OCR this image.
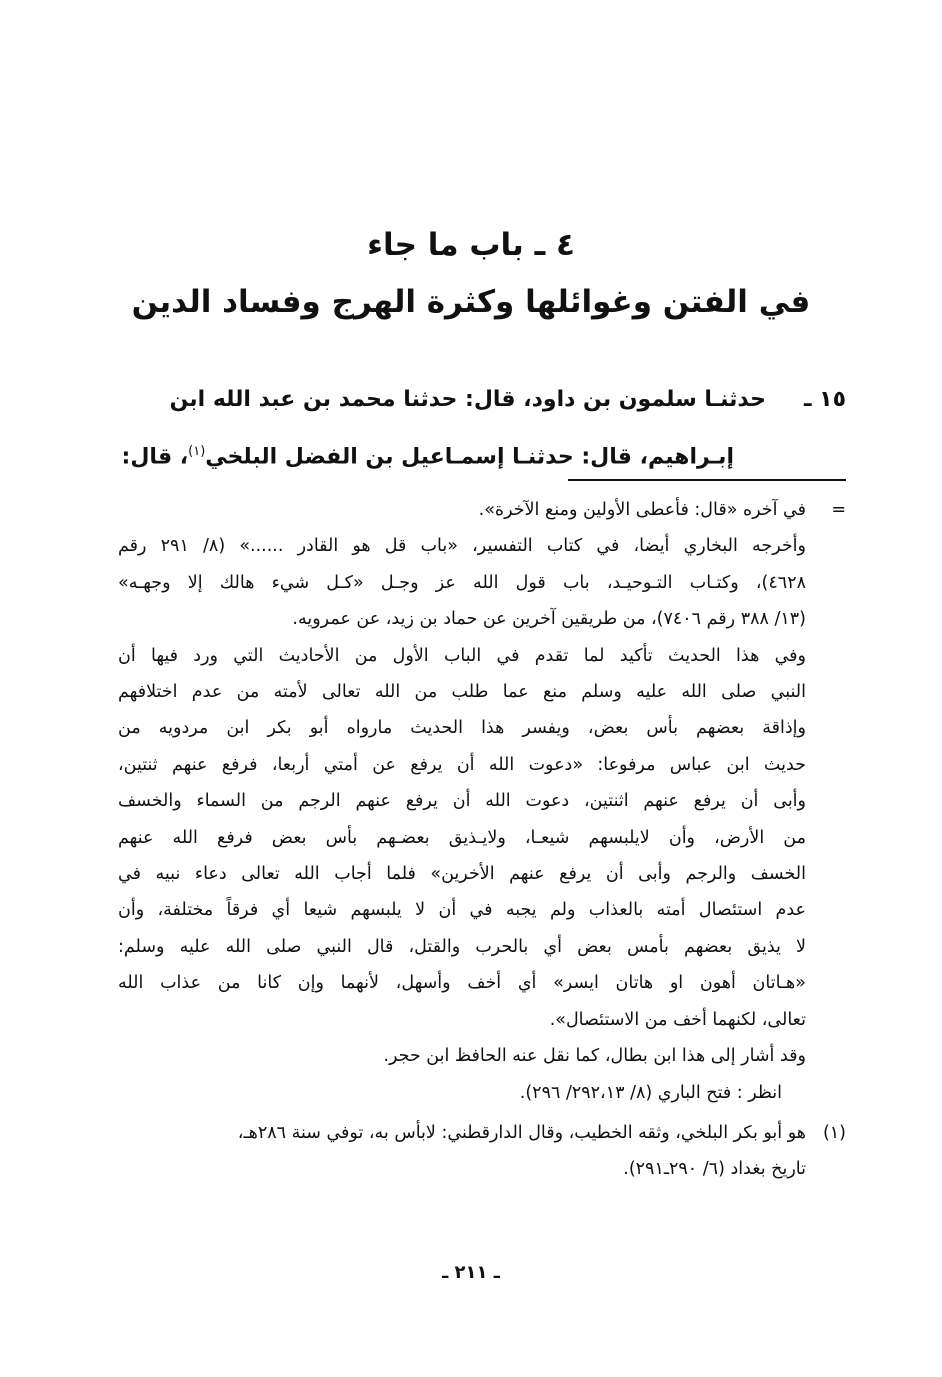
٤ ـ باب ما جاء
في الفتن وغوائلها وكثرة الهرج وفساد الدين
١٥ ـحدثنـا سلمون بن داود، قال: حدثنا محمد بن عبد الله ابن
إبـراهيم، قال: حدثنـا إسمـاعيل بن الفضل البلخي$^{(١)}$، قال:

=
في آخره «قال: فأعطى الأولين ومنع الآخرة».

وأخرجه البخاري أيضا، في كتاب التفسير، «باب قل هو القادر ......» (٨/ ٢٩١ رقم
٤٦٢٨)، وكتـاب التـوحيـد، باب قول الله عز وجـل «كـل شيء هالك إلا وجهـه»
(١٣/ ٣٨٨ رقم ٧٤٠٦)، من طريقين آخرين عن حماد بن زيد، عن عمرويه.
وفي هذا الحديث تأكيد لما تقدم في الباب الأول من الأحاديث التي ورد فيها أن
النبي صلى الله عليه وسلم منع عما طلب من الله تعالى لأمته من عدم اختلافهم
وإذاقة بعضهم بأس بعض، ويفسر هذا الحديث مارواه أبو بكر ابن مردويه من
حديث ابن عباس مرفوعا: «دعوت الله أن يرفع عن أمتي أربعا، فرفع عنهم ثنتين،
وأبى أن يرفع عنهم اثنتين، دعوت الله أن يرفع عنهم الرجم من السماء والخسف
من الأرض، وأن لايلبسهم شيعـا، ولايـذيق بعضـهم بأس بعض فرفع الله عنهم
الخسف والرجم وأبى أن يرفع عنهم الأخرين» فلما أجاب الله تعالى دعاء نبيه في
عدم استئصال أمته بالعذاب ولم يجبه في أن لا يلبسهم شيعا أي فرقاً مختلفة، وأن
لا يذيق بعضهم بأمس بعض أي بالحرب والقتل، قال النبي صلى الله عليه وسلم:
«هـاتان أهون او هاتان ايسر» أي أخف وأسهل، لأنهما وإن كانا من عذاب الله
تعالى، لكنهما أخف من الاستئصال».
وقد أشار إلى هذا ابن بطال، كما نقل عنه الحافظ ابن حجر.

انظر : فتح الباري (٨/ ٢٩٢،١٣/ ٢٩٦).

(١)
هو أبو بكر البلخي، وثقه الخطيب، وقال الدارقطني: لابأس به، توفي سنة ٢٨٦هـ،
تاريخ بغداد (٦/ ٢٩٠ـ٢٩١).
ـ ٢١١ ـ
